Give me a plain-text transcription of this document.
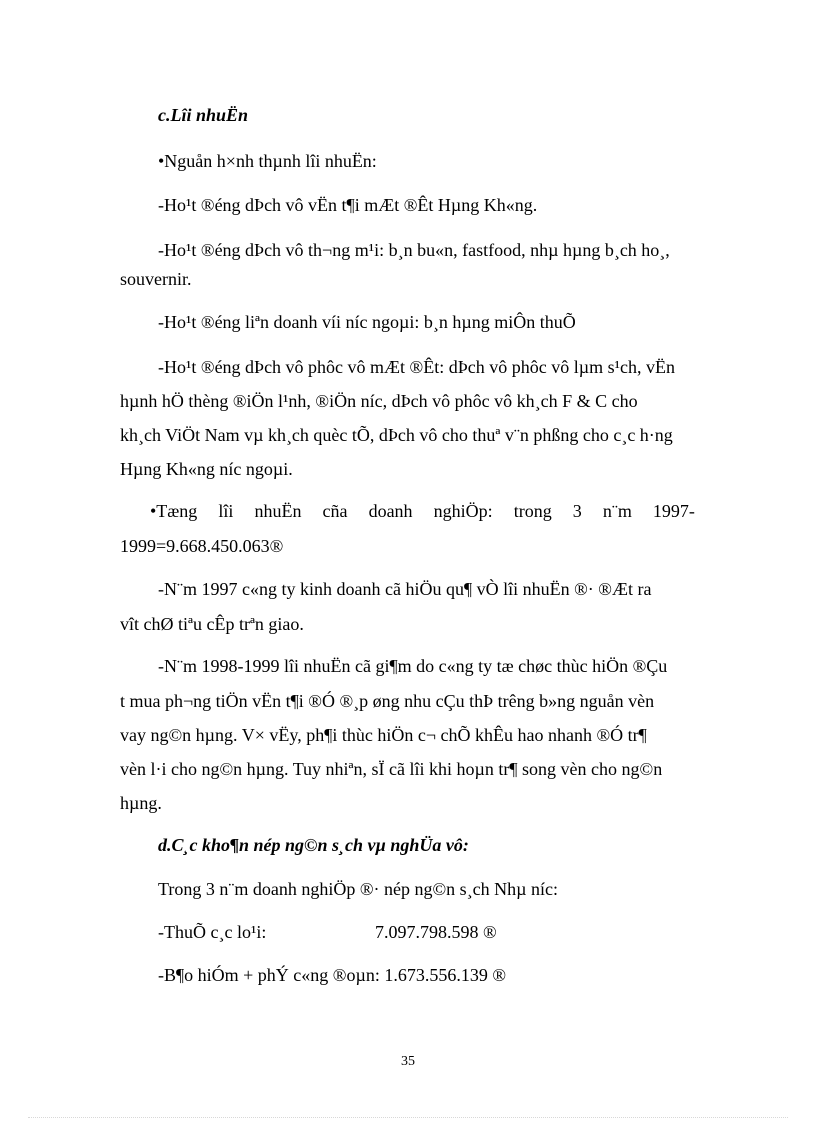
c.Lîi nhuËn
•Nguån h×nh thµnh lîi nhuËn:
-Ho¹t ®éng dÞch vô vËn t¶i mÆt ®Êt Hµng Kh«ng.
-Ho¹t ®éng dÞch vô th¬ng m¹i: b¸n bu«n, fastfood, nhµ hµng b¸ch ho¸,
souvernir.
-Ho¹t ®éng liªn doanh víi níc ngoµi: b¸n hµng miÔn thuÕ
-Ho¹t ®éng dÞch vô phôc vô mÆt ®Êt: dÞch vô phôc vô lµm s¹ch, vËn
hµnh hÖ thèng ®iÖn l¹nh, ®iÖn níc, dÞch vô phôc vô kh¸ch F & C cho
kh¸ch ViÖt Nam vµ kh¸ch quèc tÕ, dÞch vô cho thuª v¨n phßng cho c¸c h·ng
Hµng Kh«ng níc ngoµi.
•Tæng lîi nhuËn cña doanh nghiÖp: trong 3 n¨m 1997-
1999=9.668.450.063®
-N¨m 1997 c«ng ty kinh doanh cã hiÖu qu¶ vÒ lîi nhuËn ®· ®Æt ra
vît chØ tiªu cÊp trªn giao.
-N¨m 1998-1999 lîi nhuËn cã gi¶m do c«ng ty tæ chøc thùc hiÖn ®Çu
t mua ph¬ng tiÖn vËn t¶i ®Ó ®¸p øng nhu cÇu thÞ trêng b»ng nguån vèn
vay ng©n hµng. V× vËy, ph¶i thùc hiÖn c¬ chÕ khÊu hao nhanh ®Ó tr¶
vèn l·i cho ng©n hµng. Tuy nhiªn, sÏ cã lîi khi hoµn tr¶ song vèn cho ng©n
hµng.
d.C¸c kho¶n nép ng©n s¸ch vµ nghÜa vô:
Trong 3 n¨m doanh nghiÖp ®· nép ng©n s¸ch Nhµ níc:
-ThuÕ c¸c lo¹i:	7.097.798.598 ®
-B¶o hiÓm + phÝ c«ng ®oµn: 1.673.556.139 ®
35
